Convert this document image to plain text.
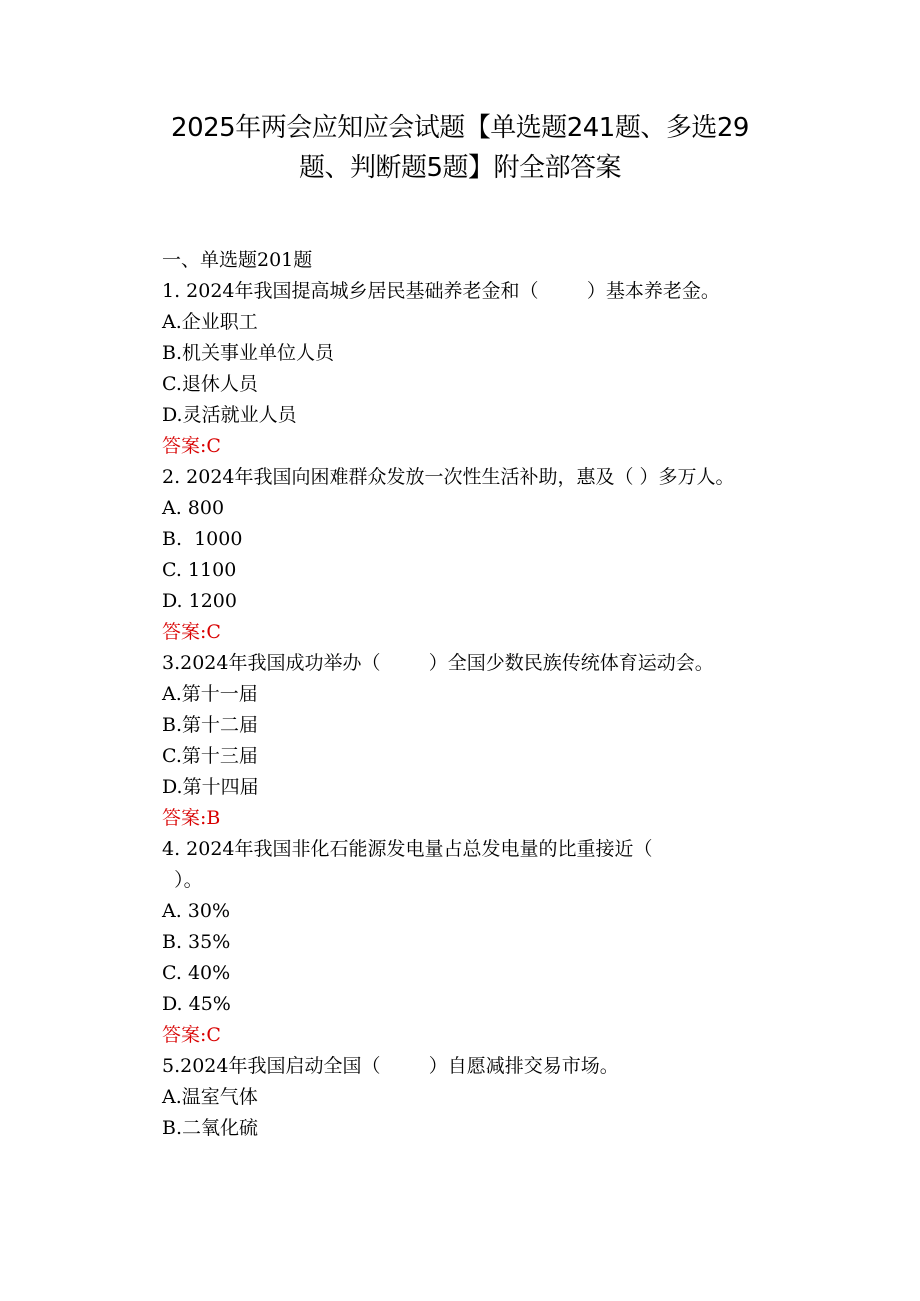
2025年两会应知应会试题【单选题241题、多选29
题、判断题5题】附全部答案
一、单选题201题
1. 2024年我国提高城乡居民基础养老金和（        ）基本养老金。
A.企业职工
B.机关事业单位人员
C.退休人员
D.灵活就业人员
答案:C
2. 2024年我国向困难群众发放一次性生活补助，惠及（ ）多万人。
A. 800
B.  1000
C. 1100
D. 1200
答案:C
3.2024年我国成功举办（        ）全国少数民族传统体育运动会。
A.第十一届
B.第十二届
C.第十三届
D.第十四届
答案:B
4. 2024年我国非化石能源发电量占总发电量的比重接近（
）。
A. 30%
B. 35%
C. 40%
D. 45%
答案:C
5.2024年我国启动全国（        ）自愿减排交易市场。
A.温室气体
B.二氧化硫
